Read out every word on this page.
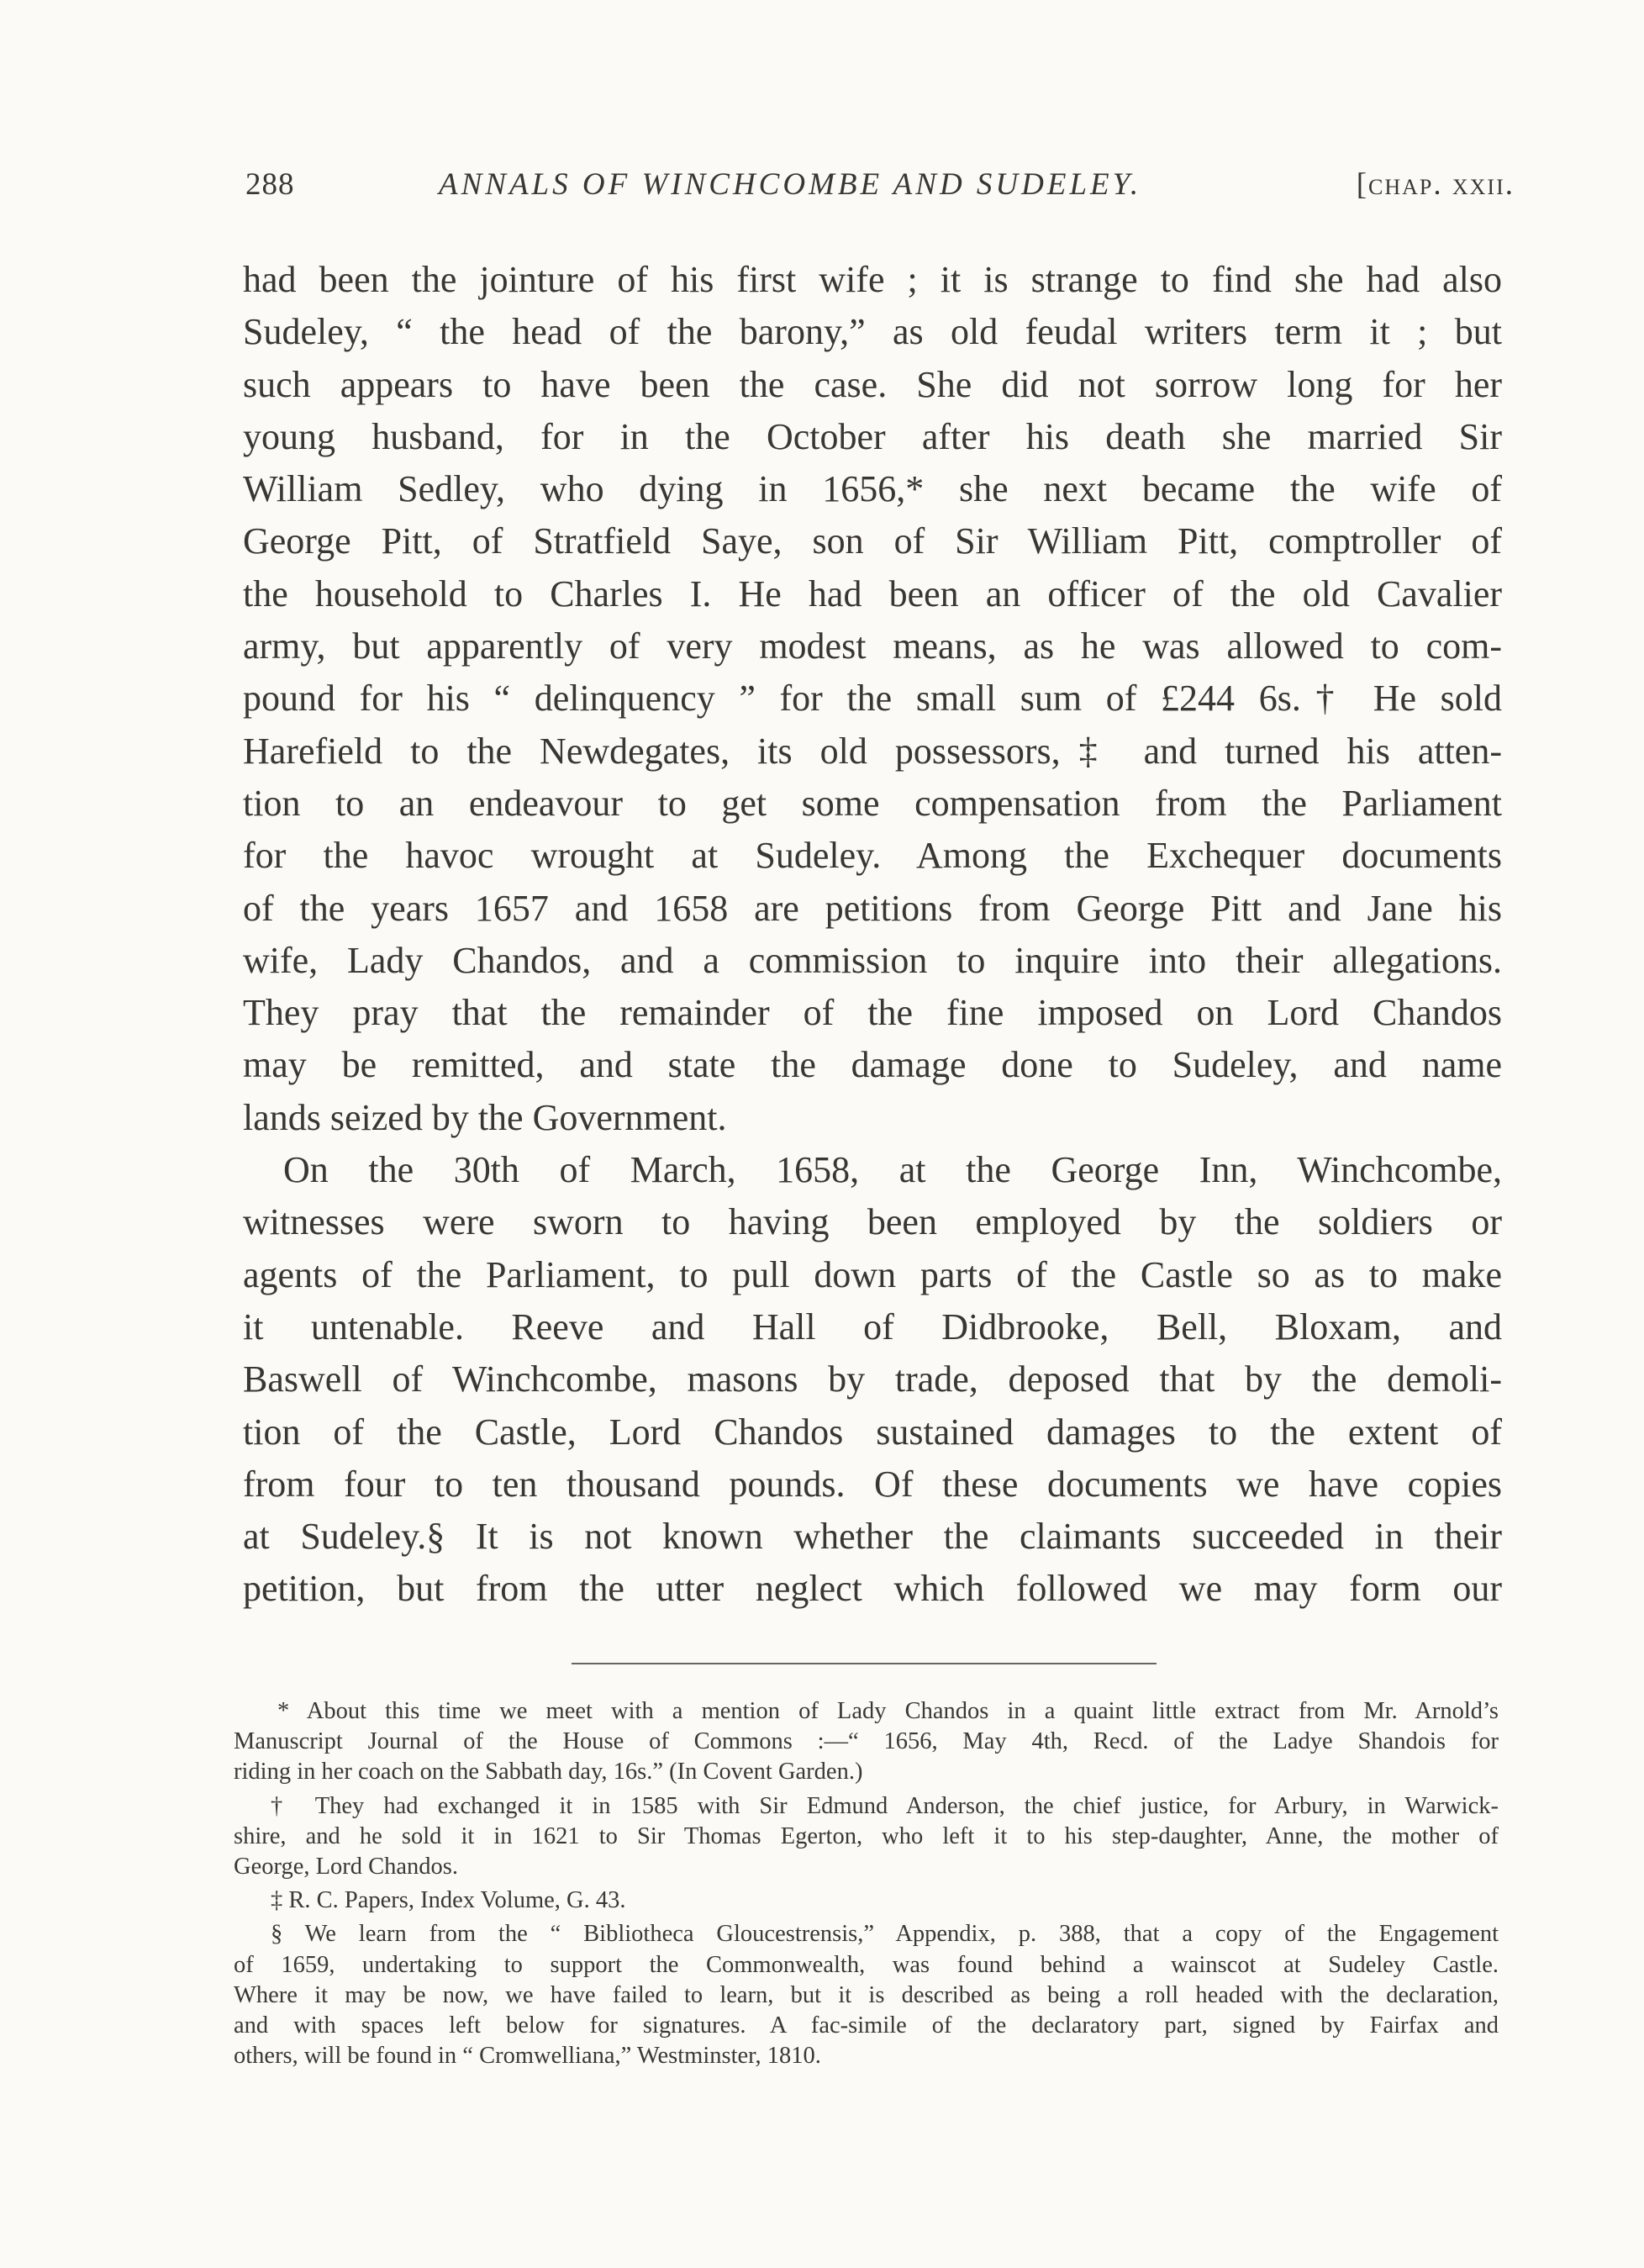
288	ANNALS OF WINCHCOMBE AND SUDELEY.	[chap. xxii.
had been the jointure of his first wife ; it is strange to find she had also
Sudeley, “ the head of the barony,” as old feudal writers term it ; but
such appears to have been the case. She did not sorrow long for her
young husband, for in the October after his death she married Sir
William Sedley, who dying in 1656,* she next became the wife of
George Pitt, of Stratfield Saye, son of Sir William Pitt, comptroller of
the household to Charles I. He had been an officer of the old Cavalier
army, but apparently of very modest means, as he was allowed to com-
pound for his “ delinquency ” for the small sum of £244 6s.† He sold
Harefield to the Newdegates, its old possessors,‡ and turned his atten-
tion to an endeavour to get some compensation from the Parliament
for the havoc wrought at Sudeley. Among the Exchequer documents
of the years 1657 and 1658 are petitions from George Pitt and Jane his
wife, Lady Chandos, and a commission to inquire into their allegations.
They pray that the remainder of the fine imposed on Lord Chandos
may be remitted, and state the damage done to Sudeley, and name
lands seized by the Government.
On the 30th of March, 1658, at the George Inn, Winchcombe,
witnesses were sworn to having been employed by the soldiers or
agents of the Parliament, to pull down parts of the Castle so as to make
it untenable. Reeve and Hall of Didbrooke, Bell, Bloxam, and
Baswell of Winchcombe, masons by trade, deposed that by the demoli-
tion of the Castle, Lord Chandos sustained damages to the extent of
from four to ten thousand pounds. Of these documents we have copies
at Sudeley.§ It is not known whether the claimants succeeded in their
petition, but from the utter neglect which followed we may form our
* About this time we meet with a mention of Lady Chandos in a quaint little extract from Mr. Arnold’s
Manuscript Journal of the House of Commons :—“ 1656, May 4th, Recd. of the Ladye Shandois for
riding in her coach on the Sabbath day, 16s.” (In Covent Garden.)
† They had exchanged it in 1585 with Sir Edmund Anderson, the chief justice, for Arbury, in Warwick-
shire, and he sold it in 1621 to Sir Thomas Egerton, who left it to his step-daughter, Anne, the mother of
George, Lord Chandos.
‡ R. C. Papers, Index Volume, G. 43.
§ We learn from the “ Bibliotheca Gloucestrensis,” Appendix, p. 388, that a copy of the Engagement
of 1659, undertaking to support the Commonwealth, was found behind a wainscot at Sudeley Castle.
Where it may be now, we have failed to learn, but it is described as being a roll headed with the declaration,
and with spaces left below for signatures. A fac-simile of the declaratory part, signed by Fairfax and
others, will be found in “ Cromwelliana,” Westminster, 1810.
